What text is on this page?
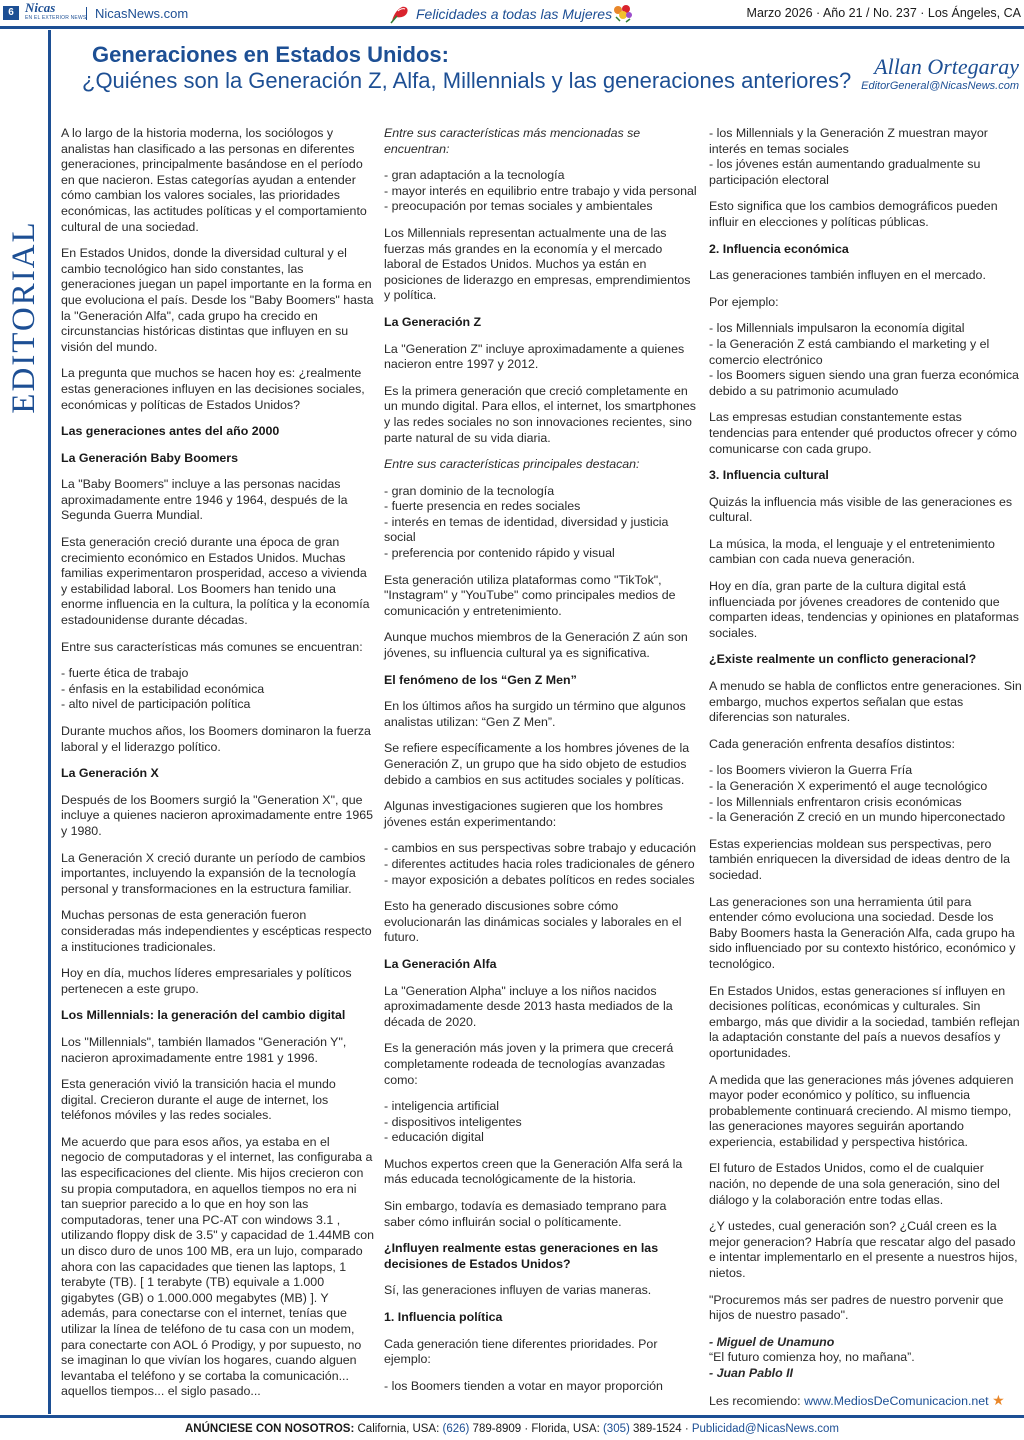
6 Nicas
EN EL EXTERIOR NEWS NicasNews.com	Felicidades a todas las Mujeres	Marzo 2026 · Año 21 / No. 237 · Los Ángeles, CA
EDITORIAL
Generaciones en Estados Unidos:
¿Quiénes son la Generación Z, Alfa, Millennials y las generaciones anteriores?
Allan Ortegaray
EditorGeneral@NicasNews.com

A lo largo de la historia moderna, los sociólogos y analistas han clasificado a las personas en diferentes generaciones, principalmente basándose en el período en que nacieron. Estas categorías ayudan a entender cómo cambian los valores sociales, las prioridades económicas, las actitudes políticas y el comportamiento cultural de una sociedad.

En Estados Unidos, donde la diversidad cultural y el cambio tecnológico han sido constantes, las generaciones juegan un papel importante en la forma en que evoluciona el país. Desde los "Baby Boomers" hasta la "Generación Alfa", cada grupo ha crecido en circunstancias históricas distintas que influyen en su visión del mundo.

La pregunta que muchos se hacen hoy es: ¿realmente estas generaciones influyen en las decisiones sociales, económicas y políticas de Estados Unidos?

Las generaciones antes del año 2000

La Generación Baby Boomers

La "Baby Boomers" incluye a las personas nacidas aproximadamente entre 1946 y 1964, después de la Segunda Guerra Mundial.

Esta generación creció durante una época de gran crecimiento económico en Estados Unidos. Muchas familias experimentaron prosperidad, acceso a vivienda y estabilidad laboral. Los Boomers han tenido una enorme influencia en la cultura, la política y la economía estadounidense durante décadas.

Entre sus características más comunes se encuentran:

- fuerte ética de trabajo
- énfasis en la estabilidad económica
- alto nivel de participación política

Durante muchos años, los Boomers dominaron la fuerza laboral y el liderazgo político.

La Generación X

Después de los Boomers surgió la "Generation X", que incluye a quienes nacieron aproximadamente entre 1965 y 1980.

La Generación X creció durante un período de cambios importantes, incluyendo la expansión de la tecnología personal y transformaciones en la estructura familiar.

Muchas personas de esta generación fueron consideradas más independientes y escépticas respecto a instituciones tradicionales.

Hoy en día, muchos líderes empresariales y políticos pertenecen a este grupo.

Los Millennials: la generación del cambio digital

Los "Millennials", también llamados "Generación Y", nacieron aproximadamente entre 1981 y 1996.

Esta generación vivió la transición hacia el mundo digital. Crecieron durante el auge de internet, los teléfonos móviles y las redes sociales.

Me acuerdo que para esos años, ya estaba en el negocio de computadoras y el internet, las configuraba a las especificaciones del cliente. Mis hijos crecieron con su propia computadora, en aquellos tiempos no era ni tan sueprior parecido a lo que en hoy son las computadoras, tener una PC-AT con windows 3.1 , utilizando floppy disk de 3.5" y capacidad de 1.44MB con un disco duro de unos 100 MB, era un lujo, comparado ahora con las capacidades que tienen las laptops, 1 terabyte (TB). [ 1 terabyte (TB) equivale a 1.000 gigabytes (GB) o 1.000.000 megabytes (MB) ]. Y además, para conectarse con el internet, tenías que utilizar la línea de teléfono de tu casa con un modem, para conectarte con AOL ó Prodigy, y por supuesto, no se imaginan lo que vivían los hogares, cuando alguen levantaba el teléfono y se cortaba la comunicación... aquellos tiempos... el siglo pasado...

Entre sus características más mencionadas se encuentran:

- gran adaptación a la tecnología
- mayor interés en equilibrio entre trabajo y vida personal
- preocupación por temas sociales y ambientales

Los Millennials representan actualmente una de las fuerzas más grandes en la economía y el mercado laboral de Estados Unidos. Muchos ya están en posiciones de liderazgo en empresas, emprendimientos y política.

La Generación Z

La "Generation Z" incluye aproximadamente a quienes nacieron entre 1997 y 2012.

Es la primera generación que creció completamente en un mundo digital. Para ellos, el internet, los smartphones y las redes sociales no son innovaciones recientes, sino parte natural de su vida diaria.

Entre sus características principales destacan:

- gran dominio de la tecnología
- fuerte presencia en redes sociales
- interés en temas de identidad, diversidad y justicia social
- preferencia por contenido rápido y visual

Esta generación utiliza plataformas como "TikTok", "Instagram" y "YouTube" como principales medios de comunicación y entretenimiento.

Aunque muchos miembros de la Generación Z aún son jóvenes, su influencia cultural ya es significativa.

El fenómeno de los “Gen Z Men”

En los últimos años ha surgido un término que algunos analistas utilizan: “Gen Z Men”.

Se refiere específicamente a los hombres jóvenes de la Generación Z, un grupo que ha sido objeto de estudios debido a cambios en sus actitudes sociales y políticas.

Algunas investigaciones sugieren que los hombres jóvenes están experimentando:

- cambios en sus perspectivas sobre trabajo y educación
- diferentes actitudes hacia roles tradicionales de género
- mayor exposición a debates políticos en redes sociales

Esto ha generado discusiones sobre cómo evolucionarán las dinámicas sociales y laborales en el futuro.

La Generación Alfa

La "Generation Alpha" incluye a los niños nacidos aproximadamente desde 2013 hasta mediados de la década de 2020.

Es la generación más joven y la primera que crecerá completamente rodeada de tecnologías avanzadas como:

- inteligencia artificial
- dispositivos inteligentes
- educación digital

Muchos expertos creen que la Generación Alfa será la más educada tecnológicamente de la historia.

Sin embargo, todavía es demasiado temprano para saber cómo influirán social o políticamente.

¿Influyen realmente estas generaciones en las decisiones de Estados Unidos?

Sí, las generaciones influyen de varias maneras.

1. Influencia política

Cada generación tiene diferentes prioridades. Por ejemplo:

- los Boomers tienden a votar en mayor proporción
- los Millennials y la Generación Z muestran mayor interés en temas sociales
- los jóvenes están aumentando gradualmente su participación electoral

Esto significa que los cambios demográficos pueden influir en elecciones y políticas públicas.

2. Influencia económica

Las generaciones también influyen en el mercado.

Por ejemplo:

- los Millennials impulsaron la economía digital
- la Generación Z está cambiando el marketing y el comercio electrónico
- los Boomers siguen siendo una gran fuerza económica debido a su patrimonio acumulado

Las empresas estudian constantemente estas tendencias para entender qué productos ofrecer y cómo comunicarse con cada grupo.

3. Influencia cultural

Quizás la influencia más visible de las generaciones es cultural.

La música, la moda, el lenguaje y el entretenimiento cambian con cada nueva generación.

Hoy en día, gran parte de la cultura digital está influenciada por jóvenes creadores de contenido que comparten ideas, tendencias y opiniones en plataformas sociales.

¿Existe realmente un conflicto generacional?

A menudo se habla de conflictos entre generaciones. Sin embargo, muchos expertos señalan que estas diferencias son naturales.

Cada generación enfrenta desafíos distintos:

- los Boomers vivieron la Guerra Fría
- la Generación X experimentó el auge tecnológico
- los Millennials enfrentaron crisis económicas
- la Generación Z creció en un mundo hiperconectado

Estas experiencias moldean sus perspectivas, pero también enriquecen la diversidad de ideas dentro de la sociedad.

Las generaciones son una herramienta útil para entender cómo evoluciona una sociedad. Desde los Baby Boomers hasta la Generación Alfa, cada grupo ha sido influenciado por su contexto histórico, económico y tecnológico.

En Estados Unidos, estas generaciones sí influyen en decisiones políticas, económicas y culturales. Sin embargo, más que dividir a la sociedad, también reflejan la adaptación constante del país a nuevos desafíos y oportunidades.

A medida que las generaciones más jóvenes adquieren mayor poder económico y político, su influencia probablemente continuará creciendo. Al mismo tiempo, las generaciones mayores seguirán aportando experiencia, estabilidad y perspectiva histórica.

El futuro de Estados Unidos, como el de cualquier nación, no depende de una sola generación, sino del diálogo y la colaboración entre todas ellas.

¿Y ustedes, cual generación son? ¿Cuál creen es la mejor generacion? Habría que rescatar algo del pasado e intentar implementarlo en el presente a nuestros hijos, nietos.

"Procuremos más ser padres de nuestro porvenir que hijos de nuestro pasado".

- Miguel de Unamuno
“El futuro comienza hoy, no mañana”.
- Juan Pablo II
Les recomiendo: www.MediosDeComunicacion.net ★
ANÚNCIESE CON NOSOTROS: California, USA: (626) 789-8909 · Florida, USA: (305) 389-1524 · Publicidad@NicasNews.com
